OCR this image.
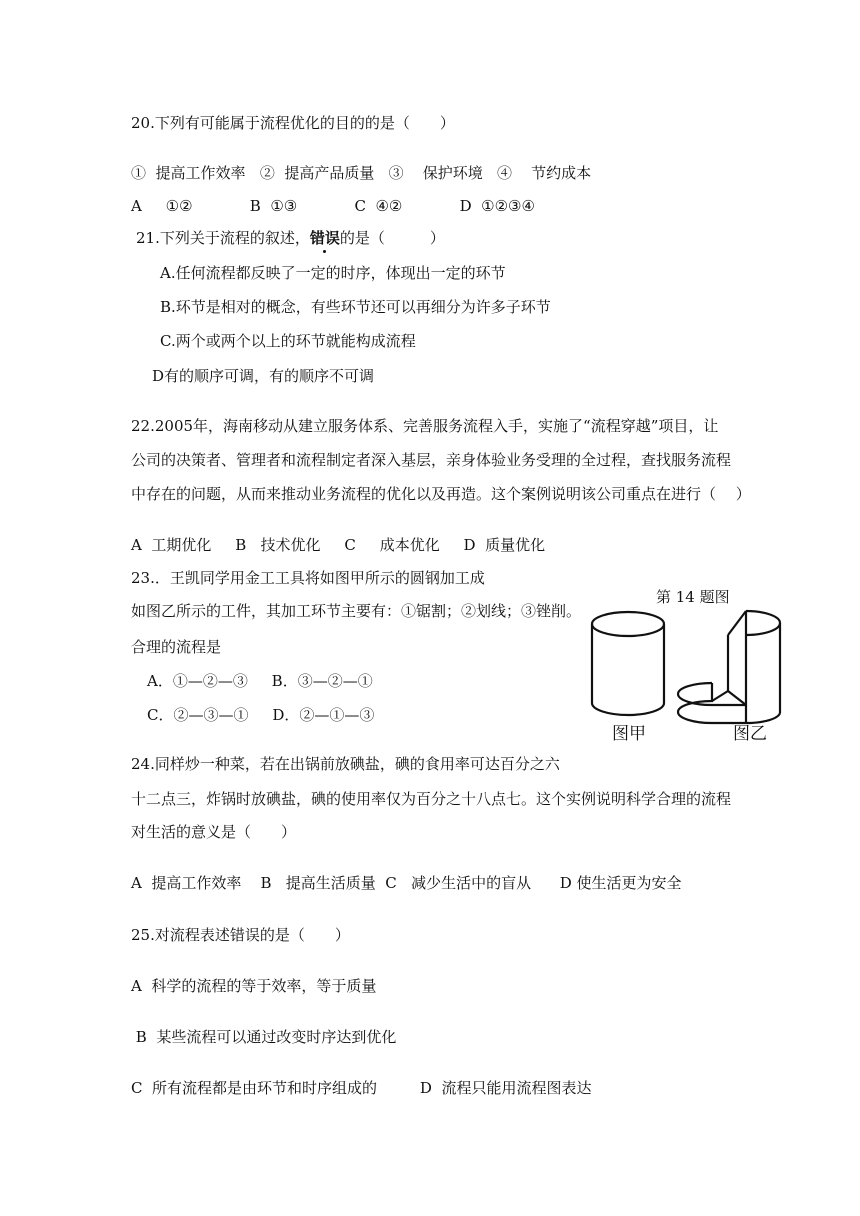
20.下列有可能属于流程优化的目的的是（　　）
①  提高工作效率   ②  提高产品质量   ③    保护环境   ④    节约成本
A     ①②            B  ①③            C  ④②            D  ①②③④
21.下列关于流程的叙述，错误的是（　　　）
A.任何流程都反映了一定的时序，体现出一定的环节
B.环节是相对的概念，有些环节还可以再细分为许多子环节
C.两个或两个以上的环节就能构成流程
D有的顺序可调，有的顺序不可调
22.2005年，海南移动从建立服务体系、完善服务流程入手，实施了“流程穿越”项目，让
公司的决策者、管理者和流程制定者深入基层，亲身体验业务受理的全过程，查找服务流程
中存在的问题，从而来推动业务流程的优化以及再造。这个案例说明该公司重点在进行（　 ）
A  工期优化     B   技术优化     C     成本优化     D  质量优化
23.．王凯同学用金工工具将如图甲所示的圆钢加工成
如图乙所示的工件，其加工环节主要有：①锯割；②划线；③锉削。
合理的流程是
A．①—②—③     B．③—②—①
C．②—③—①     D．②—①—③
第 14 题图
图甲	图乙
24.同样炒一种菜，若在出锅前放碘盐，碘的食用率可达百分之六
十二点三，炸锅时放碘盐，碘的使用率仅为百分之十八点七。这个实例说明科学合理的流程
对生活的意义是（　　）
A  提高工作效率    B   提高生活质量  C   减少生活中的盲从      D 使生活更为安全
25.对流程表述错误的是（　　）
A  科学的流程的等于效率，等于质量
B  某些流程可以通过改变时序达到优化
C  所有流程都是由环节和时序组成的         D  流程只能用流程图表达
